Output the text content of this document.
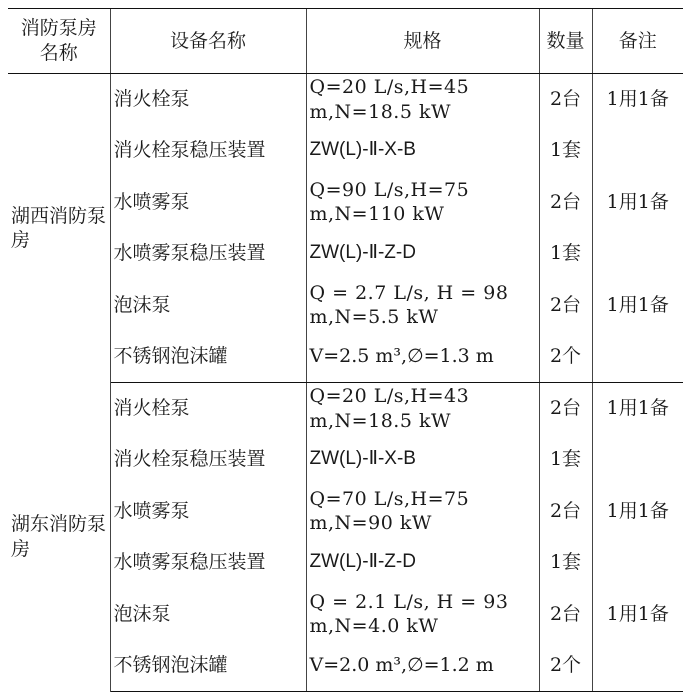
消防泵房名称	设备名称	规格	数量	备注
湖西消防泵房	消火栓泵	Q=20 L/s,H=45 m,N=18.5 kW	2台	1用1备
	消火栓泵稳压装置	ZW(L)-Ⅱ-X-B	1套	
	水喷雾泵	Q=90 L/s,H=75 m,N=110 kW	2台	1用1备
	水喷雾泵稳压装置	ZW(L)-Ⅱ-Z-D	1套	
	泡沫泵	Q = 2.7 L/s, H = 98 m,N=5.5 kW	2台	1用1备
	不锈钢泡沫罐	V=2.5 m³,∅=1.3 m	2个	
湖东消防泵房	消火栓泵	Q=20 L/s,H=43 m,N=18.5 kW	2台	1用1备
	消火栓泵稳压装置	ZW(L)-Ⅱ-X-B	1套	
	水喷雾泵	Q=70 L/s,H=75 m,N=90 kW	2台	1用1备
	水喷雾泵稳压装置	ZW(L)-Ⅱ-Z-D	1套	
	泡沫泵	Q = 2.1 L/s, H = 93 m,N=4.0 kW	2台	1用1备
	不锈钢泡沫罐	V=2.0 m³,∅=1.2 m	2个	
